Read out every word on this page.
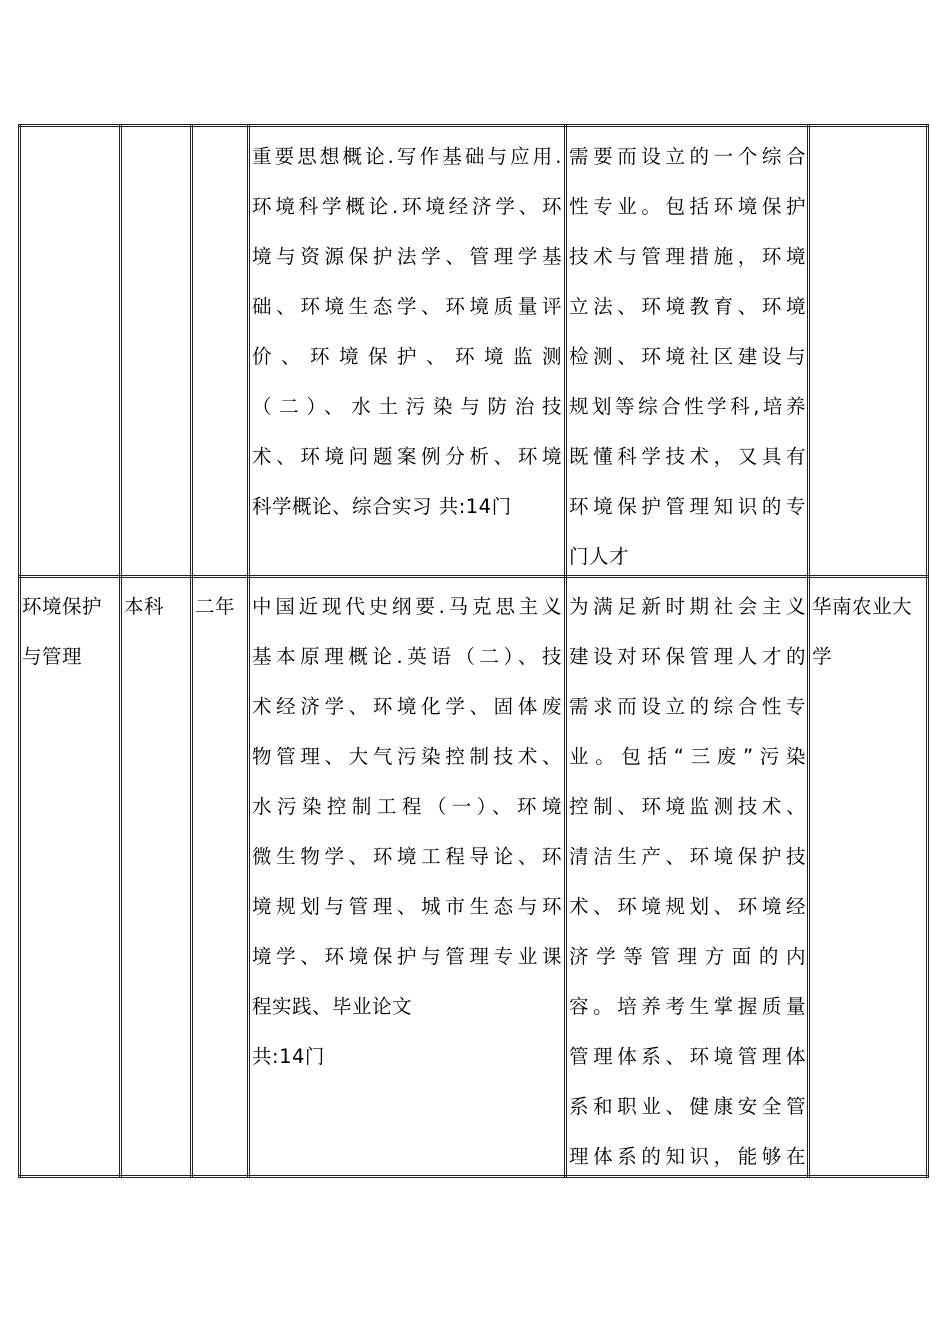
重要思想概论.写作基础与应用.
环境科学概论.环境经济学、环
境与资源保护法学、管理学基
础、环境生态学、环境质量评
价 、 环 境 保 护 、 环 境 监 测
（二）、水土污染与防治技
术、环境问题案例分析、环境
科学概论、综合实习 共:14门
需要而设立的一个综合
性专业。包括环境保护
技术与管理措施，环境
立法、环境教育、环境
检测、环境社区建设与
规划等综合性学科,培养
既懂科学技术，又具有
环境保护管理知识的专
门人才
环境保护
与管理
本科	二年 中国近现代史纲要.马克思主义
基本原理概论.英语（二）、技
术经济学、环境化学、固体废
物管理、大气污染控制技术、
水污染控制工程（一）、环境
微生物学、环境工程导论、环
境规划与管理、城市生态与环
境学、环境保护与管理专业课
程实践、毕业论文
共:14门
为满足新时期社会主义
建设对环保管理人才的
需求而设立的综合性专
业。包括“三废”污染
控制、环境监测技术、
清洁生产、环境保护技
术、环境规划、环境经
济 学 等 管 理 方 面 的 内
容。培养考生掌握质量
管理体系、环境管理体
系和职业、健康安全管
理体系的知识，能够在
华南农业大
学
